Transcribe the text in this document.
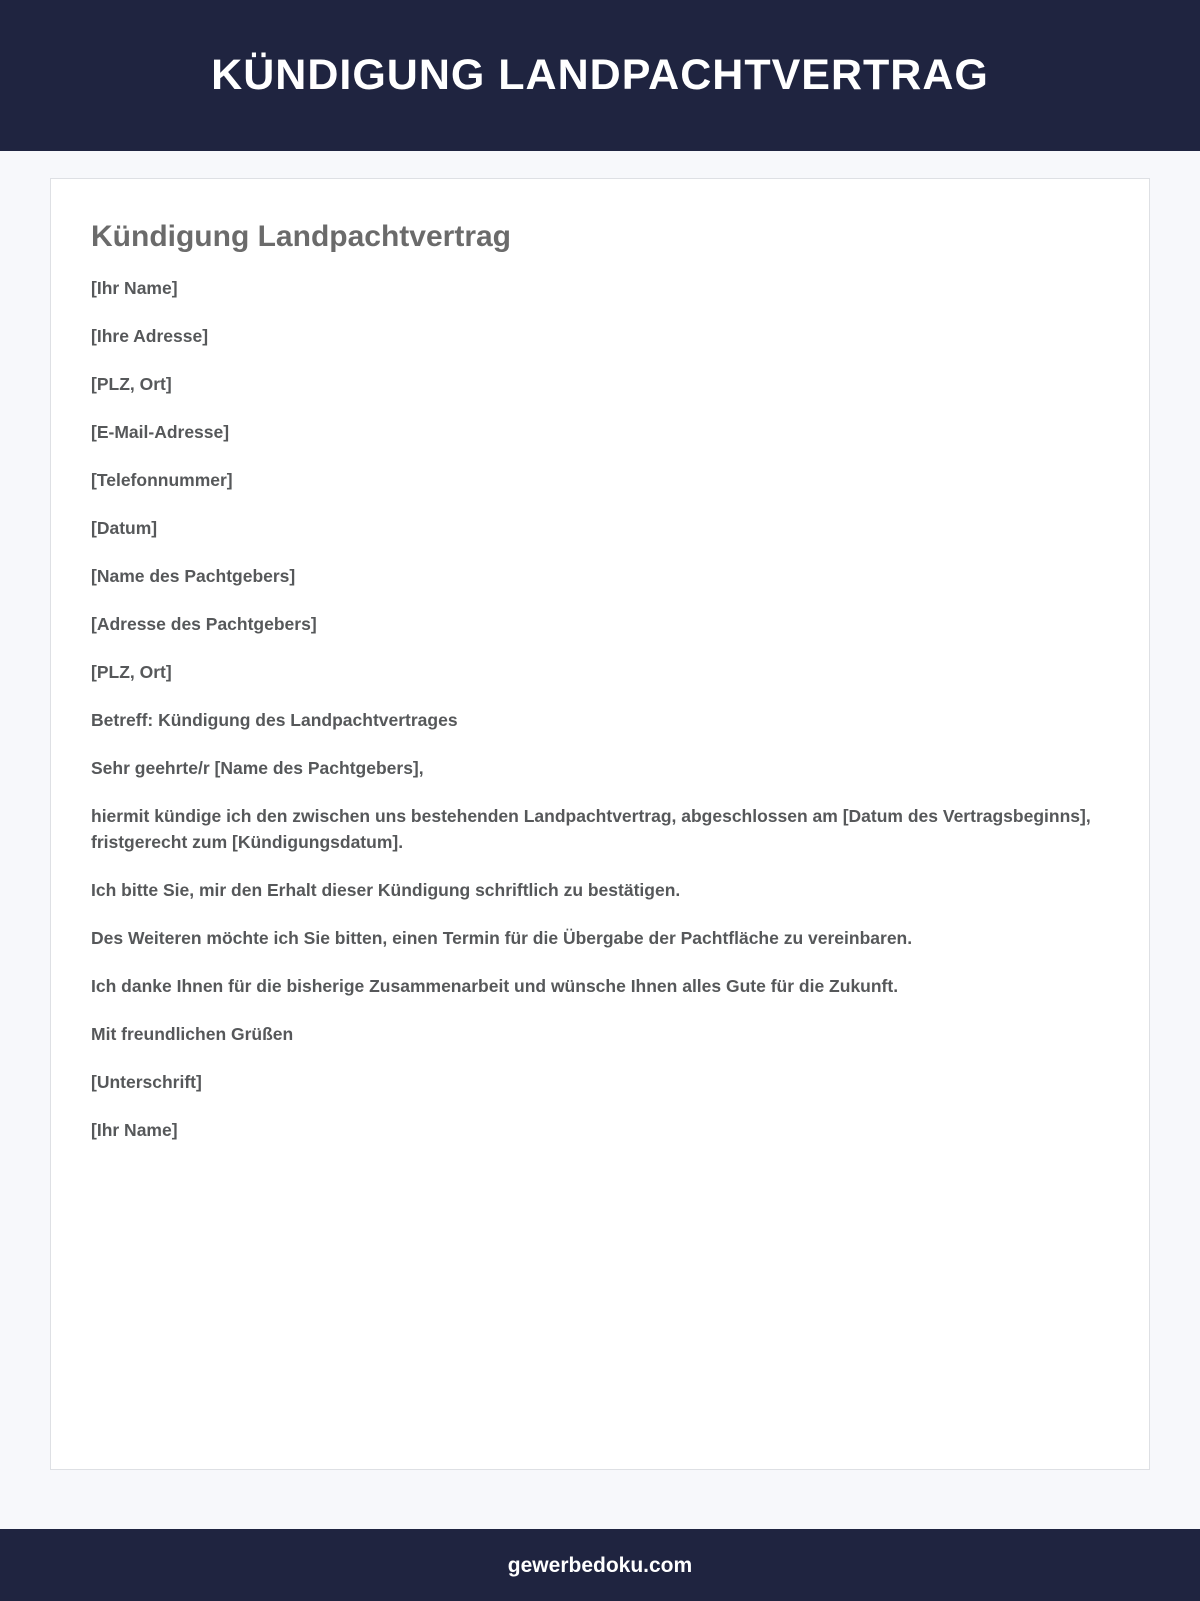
KÜNDIGUNG LANDPACHTVERTRAG
Kündigung Landpachtvertrag

[Ihr Name]

[Ihre Adresse]

[PLZ, Ort]

[E-Mail-Adresse]

[Telefonnummer]

[Datum]

[Name des Pachtgebers]

[Adresse des Pachtgebers]

[PLZ, Ort]

Betreff: Kündigung des Landpachtvertrages

Sehr geehrte/r [Name des Pachtgebers],

hiermit kündige ich den zwischen uns bestehenden Landpachtvertrag, abgeschlossen am [Datum des Vertragsbeginns], fristgerecht zum [Kündigungsdatum].

Ich bitte Sie, mir den Erhalt dieser Kündigung schriftlich zu bestätigen.

Des Weiteren möchte ich Sie bitten, einen Termin für die Übergabe der Pachtfläche zu vereinbaren.

Ich danke Ihnen für die bisherige Zusammenarbeit und wünsche Ihnen alles Gute für die Zukunft.

Mit freundlichen Grüßen

[Unterschrift]

[Ihr Name]

gewerbedoku.com
